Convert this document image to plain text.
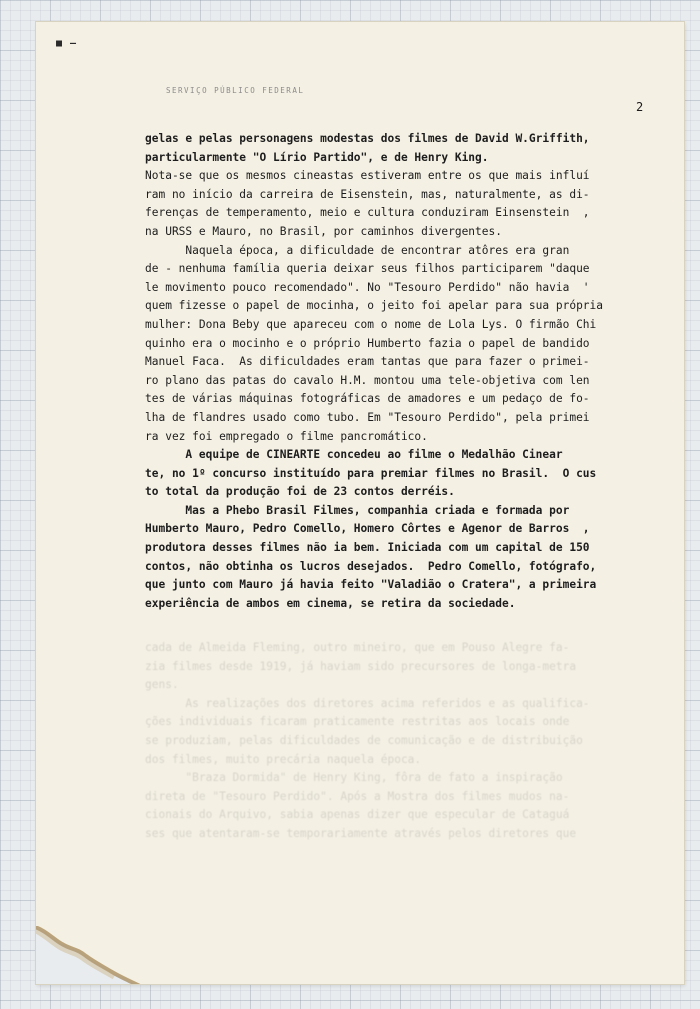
■ –
SERVIÇO PÚBLICO FEDERAL
2
cada de Almeida Fleming, outro mineiro, que em Pouso Alegre fa-
zia filmes desde 1919, já haviam sido precursores de longa-metra
gens.
As realizações dos diretores acima referidos e as qualifica-
ções individuais ficaram praticamente restritas aos locais onde
se produziam, pelas dificuldades de comunicação e de distribuição
dos filmes, muito precária naquela época.
"Braza Dormida" de Henry King, fôra de fato a inspiração
direta de "Tesouro Perdido". Após a Mostra dos filmes mudos na-
cionais do Arquivo, sabia apenas dizer que especular de Cataguá
ses que atentaram-se temporariamente através pelos diretores que
gelas e pelas personagens modestas dos filmes de David W.Griffith,
particularmente "O Lírio Partido", e de Henry King.
Nota-se que os mesmos cineastas estiveram entre os que mais influí
ram no início da carreira de Eisenstein, mas, naturalmente, as di-
ferenças de temperamento, meio e cultura conduziram Einsenstein  ,
na URSS e Mauro, no Brasil, por caminhos divergentes.
Naquela época, a dificuldade de encontrar atôres era gran
de - nenhuma família queria deixar seus filhos participarem "daque
le movimento pouco recomendado". No "Tesouro Perdido" não havia  '
quem fizesse o papel de mocinha, o jeito foi apelar para sua própria
mulher: Dona Beby que apareceu com o nome de Lola Lys. O firmão Chi
quinho era o mocinho e o próprio Humberto fazia o papel de bandido
Manuel Faca.  As dificuldades eram tantas que para fazer o primei-
ro plano das patas do cavalo H.M. montou uma tele-objetiva com len
tes de várias máquinas fotográficas de amadores e um pedaço de fo-
lha de flandres usado como tubo. Em "Tesouro Perdido", pela primei
ra vez foi empregado o filme pancromático.
A equipe de CINEARTE concedeu ao filme o Medalhão Cinear
te, no 1º concurso instituído para premiar filmes no Brasil.  O cus
to total da produção foi de 23 contos derréis.
Mas a Phebo Brasil Filmes, companhia criada e formada por
Humberto Mauro, Pedro Comello, Homero Côrtes e Agenor de Barros  ,
produtora desses filmes não ia bem. Iniciada com um capital de 150
contos, não obtinha os lucros desejados.  Pedro Comello, fotógrafo,
que junto com Mauro já havia feito "Valadião o Cratera", a primeira
experiência de ambos em cinema, se retira da sociedade.
